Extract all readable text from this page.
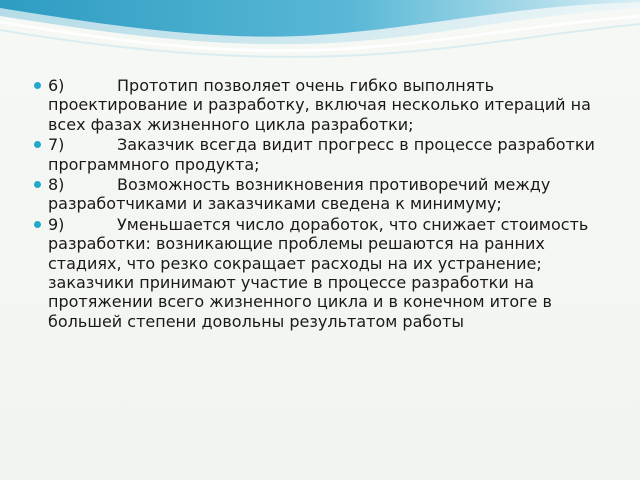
6)	Прототип позволяет очень гибко выполнять проектирование и разработку, включая несколько итераций на всех фазах жизненного цикла разработки;
7)	Заказчик всегда видит прогресс в процессе разработки программного продукта;
8)	Возможность возникновения противоречий между разработчиками и заказчиками сведена к минимуму;
9)	Уменьшается число доработок, что снижает стоимость разработки: возникающие проблемы решаются на ранних стадиях, что резко сокращает расходы на их устранение; заказчики принимают участие в процессе разработки на протяжении всего жизненного цикла и в конечном итоге в большей степени довольны результатом работы
